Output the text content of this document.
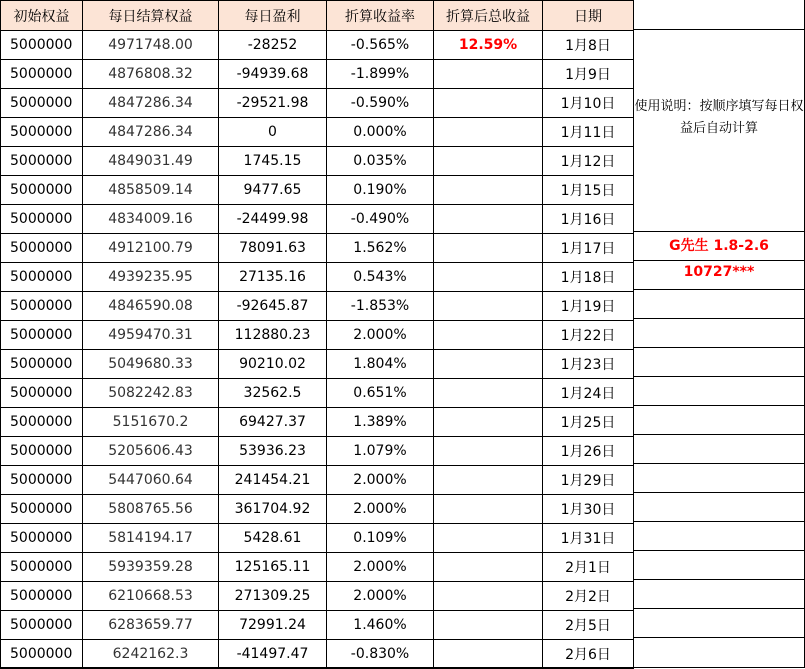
初始权益	每日结算权益	每日盈利	折算收益率	折算后总收益	日期
5000000	4971748.00	-28252	-0.565%	12.59%	1月8日
5000000	4876808.32	-94939.68	-1.899%		1月9日
5000000	4847286.34	-29521.98	-0.590%		1月10日
5000000	4847286.34	0	0.000%		1月11日
5000000	4849031.49	1745.15	0.035%		1月12日
5000000	4858509.14	9477.65	0.190%		1月15日
5000000	4834009.16	-24499.98	-0.490%		1月16日
5000000	4912100.79	78091.63	1.562%		1月17日
5000000	4939235.95	27135.16	0.543%		1月18日
5000000	4846590.08	-92645.87	-1.853%		1月19日
5000000	4959470.31	112880.23	2.000%		1月22日
5000000	5049680.33	90210.02	1.804%		1月23日
5000000	5082242.83	32562.5	0.651%		1月24日
5000000	5151670.2	69427.37	1.389%		1月25日
5000000	5205606.43	53936.23	1.079%		1月26日
5000000	5447060.64	241454.21	2.000%		1月29日
5000000	5808765.56	361704.92	2.000%		1月30日
5000000	5814194.17	5428.61	0.109%		1月31日
5000000	5939359.28	125165.11	2.000%		2月1日
5000000	6210668.53	271309.25	2.000%		2月2日
5000000	6283659.77	72991.24	1.460%		2月5日
5000000	6242162.3	-41497.47	-0.830%		2月6日
使用说明：按顺序填写每日权益后自动计算
G先生 1.8-2.6
10727***
